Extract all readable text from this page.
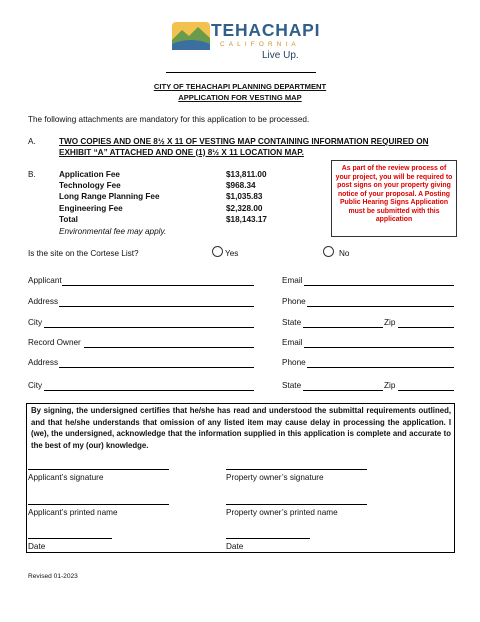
TEHACHAPI
CALIFORNIA
Live Up.
CITY OF TEHACHAPI PLANNING DEPARTMENT
APPLICATION FOR VESTING MAP
The following attachments are mandatory for this application to be processed.
A.	TWO COPIES AND ONE 8½ X 11 OF VESTING MAP CONTAINING INFORMATION REQUIRED ON EXHIBIT “A” ATTACHED AND ONE (1) 8½ X 11 LOCATION MAP.
B.	Application Fee	$13,811.00
Technology Fee	$968.34
Long Range Planning Fee	$1,035.83
Engineering Fee	$2,328.00
Total	$18,143.17
Environmental fee may apply.
As part of the review process of your project, you will be required to post signs on your property giving notice of your proposal. A Posting Public Hearing Signs Application must be submitted with this application
Is the site on the Cortese List?	Yes	No
Applicant	Email
Address	Phone
City	State	Zip
Record Owner	Email
Address	Phone
City	State	Zip
By signing, the undersigned certifies that he/she has read and understood the submittal requirements outlined, and that he/she understands that omission of any listed item may cause delay in processing the application. I (we), the undersigned, acknowledge that the information supplied in this application is complete and accurate to the best of my (our) knowledge.
Applicant’s signature	Property owner’s signature
Applicant’s printed name	Property owner’s printed name
Date	Date
Revised 01-2023
